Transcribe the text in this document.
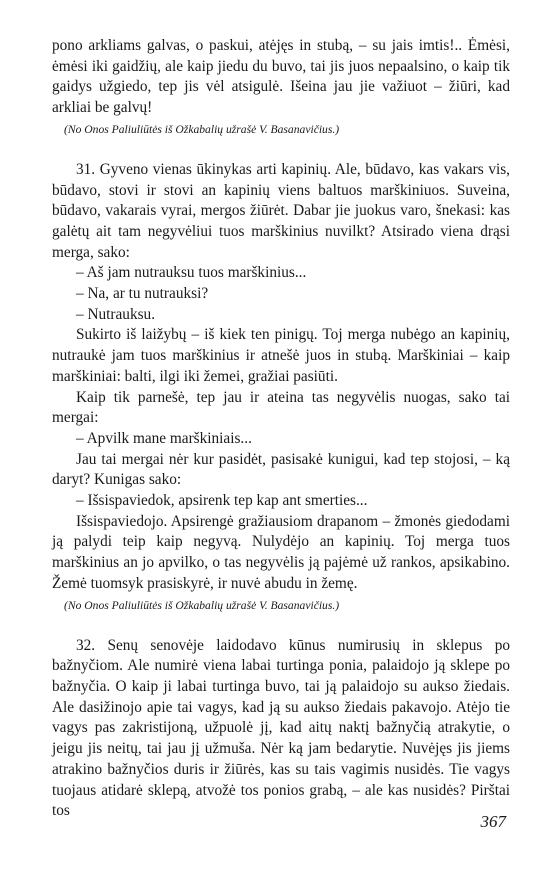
pono arkliams galvas, o paskui, atėjęs in stubą, – su jais imtis!.. Ėmėsi, ėmėsi iki gaidžių, ale kaip jiedu du buvo, tai jis juos nepaalsino, o kaip tik gaidys užgiedo, tep jis vėl atsigulė. Išeina jau jie važiuot – žiūri, kad arkliai be galvų!

(No Onos Paliuliūtės iš Ožkabalių užrašė V. Basanavičius.)

31. Gyveno vienas ūkinykas arti kapinių. Ale, būdavo, kas vakars vis, būdavo, stovi ir stovi an kapinių viens baltuos marškiniuos. Suveina, būdavo, vakarais vyrai, mergos žiūrėt. Dabar jie juokus varo, šnekasi: kas galėtų ait tam negyvėliui tuos marškinius nuvilkt? Atsirado viena drąsi merga, sako:

– Aš jam nutrauksu tuos marškinius...

– Na, ar tu nutrauksi?

– Nutrauksu.

Sukirto iš laižybų – iš kiek ten pinigų. Toj merga nubėgo an kapinių, nutraukė jam tuos marškinius ir atnešė juos in stubą. Marškiniai – kaip marškiniai: balti, ilgi iki žemei, gražiai pasiūti.

Kaip tik parnešė, tep jau ir ateina tas negyvėlis nuogas, sako tai mergai:

– Apvilk mane marškiniais...

Jau tai mergai nėr kur pasidėt, pasisakė kunigui, kad tep stojosi, – ką daryt? Kunigas sako:

– Išsispaviedok, apsirenk tep kap ant smerties...

Išsispaviedojo. Apsirengė gražiausiom drapanom – žmonės giedodami ją palydi teip kaip negyvą. Nulydėjo an kapinių. Toj merga tuos marškinius an jo apvilko, o tas negyvėlis ją pajėmė už rankos, apsikabino. Žemė tuomsyk prasiskyrė, ir nuvė abudu in žemę.

(No Onos Paliuliūtės iš Ožkabalių užrašė V. Basanavičius.)

32. Senų senovėje laidodavo kūnus numirusių in sklepus po bažnyčiom. Ale numirė viena labai turtinga ponia, palaidojo ją sklepe po bažnyčia. O kaip ji labai turtinga buvo, tai ją palaidojo su aukso žiedais. Ale dasižinojo apie tai vagys, kad ją su aukso žiedais pakavojo. Atėjo tie vagys pas zakristijoną, užpuolė jį, kad aitų naktį bažnyčią atrakytie, o jeigu jis neitų, tai jau jį užmuša. Nėr ką jam bedarytie. Nuvėjęs jis jiems atrakino bažnyčios duris ir žiūrės, kas su tais vagimis nusidės. Tie vagys tuojaus atidarė sklepą, atvožė tos ponios grabą, – ale kas nusidės? Pirštai tos

367
